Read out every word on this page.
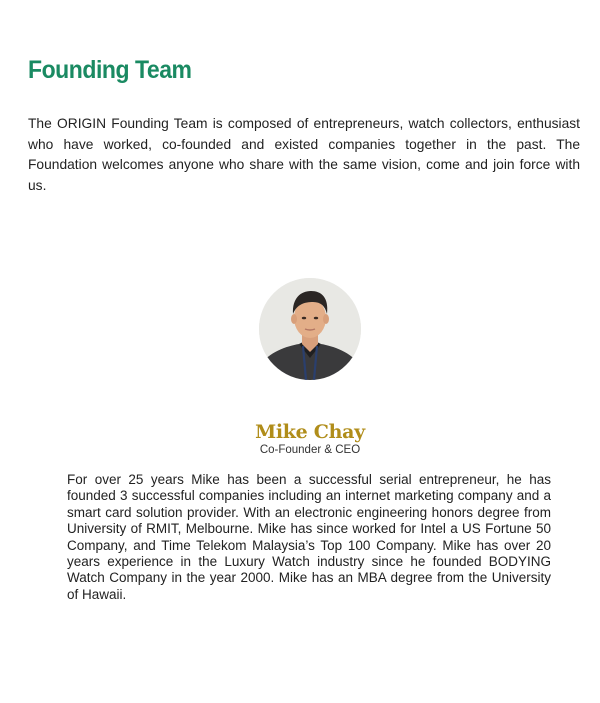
Founding Team

The ORIGIN Founding Team is composed of entrepreneurs, watch collectors, enthusiast who have worked, co-founded and existed companies together in the past. The Foundation welcomes anyone who share with the same vision, come and join force with us.

Mike Chay
Co-Founder & CEO

For over 25 years Mike has been a successful serial entrepreneur, he has founded 3 successful companies including an internet marketing company and a smart card solution provider. With an electronic engineering honors degree from University of RMIT, Melbourne. Mike has since worked for Intel a US Fortune 50 Company, and Time Telekom Malaysia’s Top 100 Company. Mike has over 20 years experience in the Luxury Watch industry since he founded BODYING Watch Company in the year 2000. Mike has an MBA degree from the University of Hawaii.
